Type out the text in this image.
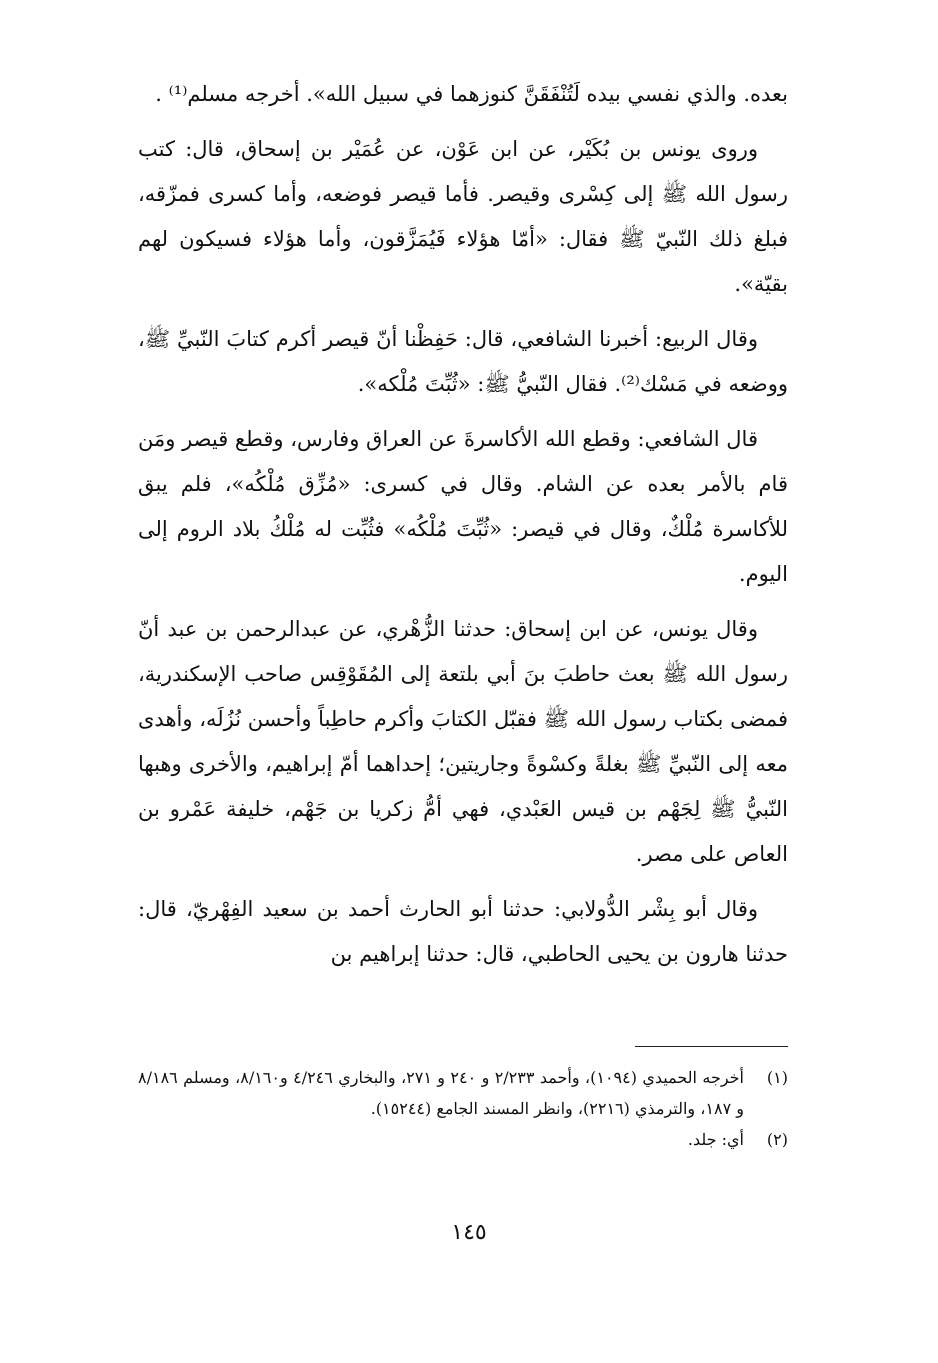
بعده. والذي نفسي بيده لَتُنْفَقَنَّ كنوزهما في سبيل الله». أخرجه مسلم⁽¹⁾ .

وروى يونس بن بُكَيْر، عن ابن عَوْن، عن عُمَيْر بن إسحاق، قال: كتب رسول الله ﷺ إلى كِسْرى وقيصر. فأما قيصر فوضعه، وأما كسرى فمزّقه، فبلغ ذلك النّبيّ ﷺ فقال: «أمّا هؤلاء فَيُمَزَّقون، وأما هؤلاء فسيكون لهم بقيّة».

وقال الربيع: أخبرنا الشافعي، قال: حَفِظْنا أنّ قيصر أكرم كتابَ النّبيِّ ﷺ، ووضعه في مَسْك⁽²⁾. فقال النّبيُّ ﷺ: «ثُبِّتَ مُلْكه».

قال الشافعي: وقطع الله الأكاسرةَ عن العراق وفارس، وقطع قيصر ومَن قام بالأمر بعده عن الشام. وقال في كسرى: «مُزِّق مُلْكُه»، فلم يبق للأكاسرة مُلْكٌ، وقال في قيصر: «ثُبِّتَ مُلْكُه» فثُبِّت له مُلْكُ بلاد الروم إلى اليوم.

وقال يونس، عن ابن إسحاق: حدثنا الزُّهْري، عن عبدالرحمن بن عبد أنّ رسول الله ﷺ بعث حاطبَ بنَ أبي بلتعة إلى المُقَوْقِس صاحب الإسكندرية، فمضى بكتاب رسول الله ﷺ فقبّل الكتابَ وأكرم حاطِباً وأحسن نُزُلَه، وأهدى معه إلى النّبيِّ ﷺ بغلةً وكسْوةً وجاريتين؛ إحداهما أمّ إبراهيم، والأخرى وهبها النّبيُّ ﷺ لِجَهْم بن قيس العَبْدي، فهي أمُّ زكريا بن جَهْم، خليفة عَمْرو بن العاص على مصر.

وقال أبو بِشْر الدُّولابي: حدثنا أبو الحارث أحمد بن سعيد الفِهْريّ، قال: حدثنا هارون بن يحيى الحاطبي، قال: حدثنا إبراهيم بن

(١)
أخرجه الحميدي (١٠٩٤)، وأحمد ٢/٢٣٣ و ٢٤٠ و ٢٧١، والبخاري ٤/٢٤٦ و٨/١٦٠، ومسلم ٨/١٨٦ و ١٨٧، والترمذي (٢٢١٦)، وانظر المسند الجامع (١٥٢٤٤).
(٢)
أي: جلد.
١٤٥
